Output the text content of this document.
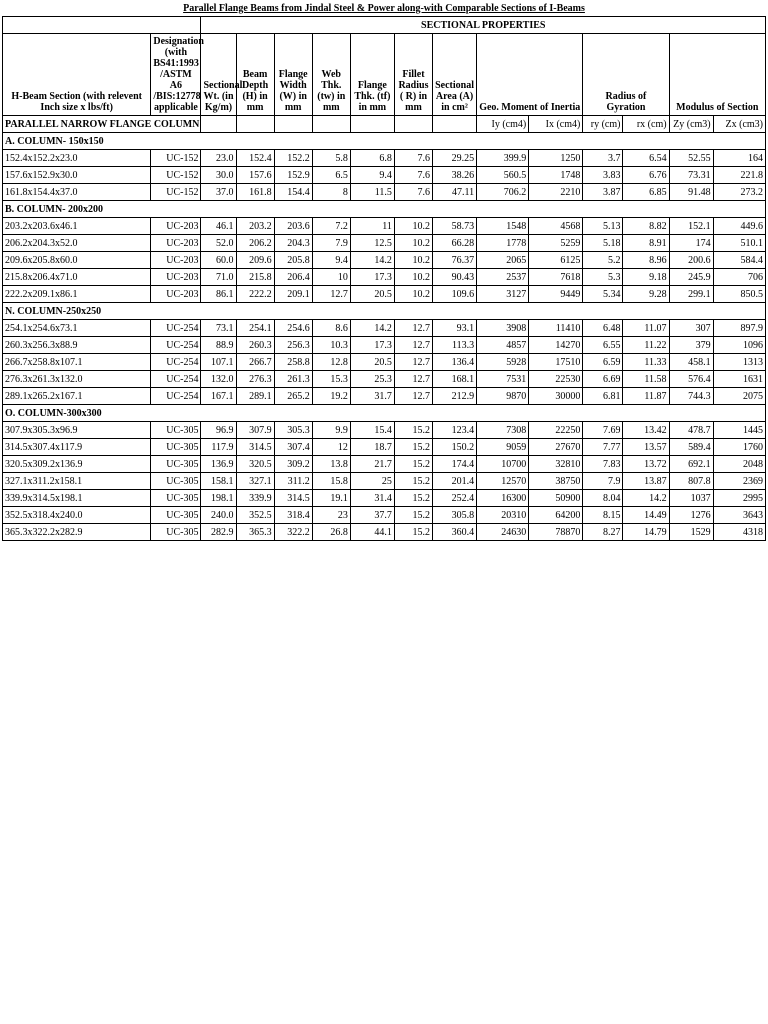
Parallel Flange Beams from Jindal Steel & Power along-with Comparable Sections of I-Beams														
		SECTIONAL PROPERTIES												
H-Beam Section (with relevent Inch size x lbs/ft)	Designation (with BS41:1993 /ASTM A6 /BIS:12778 applicable	Sectional Wt. (in Kg/m)	Beam Depth (H) in mm	Flange Width (W) in mm	Web Thk. (tw) in mm	Flange Thk. (tf) in mm	Fillet Radius ( R) in mm	Sectional Area (A) in cm²	Geo. Moment of Inertia		Radius of Gyration		Modulus of Section	
PARALLEL NARROW FLANGE COLUMN									Iy (cm4)	Ix (cm4)	ry (cm)	rx (cm)	Zy (cm3)	Zx (cm3)
A. COLUMN- 150x150														
152.4x152.2x23.0	UC-152	23.0	152.4	152.2	5.8	6.8	7.6	29.25	399.9	1250	3.7	6.54	52.55	164
157.6x152.9x30.0	UC-152	30.0	157.6	152.9	6.5	9.4	7.6	38.26	560.5	1748	3.83	6.76	73.31	221.8
161.8x154.4x37.0	UC-152	37.0	161.8	154.4	8	11.5	7.6	47.11	706.2	2210	3.87	6.85	91.48	273.2
B. COLUMN- 200x200														
203.2x203.6x46.1	UC-203	46.1	203.2	203.6	7.2	11	10.2	58.73	1548	4568	5.13	8.82	152.1	449.6
206.2x204.3x52.0	UC-203	52.0	206.2	204.3	7.9	12.5	10.2	66.28	1778	5259	5.18	8.91	174	510.1
209.6x205.8x60.0	UC-203	60.0	209.6	205.8	9.4	14.2	10.2	76.37	2065	6125	5.2	8.96	200.6	584.4
215.8x206.4x71.0	UC-203	71.0	215.8	206.4	10	17.3	10.2	90.43	2537	7618	5.3	9.18	245.9	706
222.2x209.1x86.1	UC-203	86.1	222.2	209.1	12.7	20.5	10.2	109.6	3127	9449	5.34	9.28	299.1	850.5
N. COLUMN-250x250														
254.1x254.6x73.1	UC-254	73.1	254.1	254.6	8.6	14.2	12.7	93.1	3908	11410	6.48	11.07	307	897.9
260.3x256.3x88.9	UC-254	88.9	260.3	256.3	10.3	17.3	12.7	113.3	4857	14270	6.55	11.22	379	1096
266.7x258.8x107.1	UC-254	107.1	266.7	258.8	12.8	20.5	12.7	136.4	5928	17510	6.59	11.33	458.1	1313
276.3x261.3x132.0	UC-254	132.0	276.3	261.3	15.3	25.3	12.7	168.1	7531	22530	6.69	11.58	576.4	1631
289.1x265.2x167.1	UC-254	167.1	289.1	265.2	19.2	31.7	12.7	212.9	9870	30000	6.81	11.87	744.3	2075
O. COLUMN-300x300														
307.9x305.3x96.9	UC-305	96.9	307.9	305.3	9.9	15.4	15.2	123.4	7308	22250	7.69	13.42	478.7	1445
314.5x307.4x117.9	UC-305	117.9	314.5	307.4	12	18.7	15.2	150.2	9059	27670	7.77	13.57	589.4	1760
320.5x309.2x136.9	UC-305	136.9	320.5	309.2	13.8	21.7	15.2	174.4	10700	32810	7.83	13.72	692.1	2048
327.1x311.2x158.1	UC-305	158.1	327.1	311.2	15.8	25	15.2	201.4	12570	38750	7.9	13.87	807.8	2369
339.9x314.5x198.1	UC-305	198.1	339.9	314.5	19.1	31.4	15.2	252.4	16300	50900	8.04	14.2	1037	2995
352.5x318.4x240.0	UC-305	240.0	352.5	318.4	23	37.7	15.2	305.8	20310	64200	8.15	14.49	1276	3643
365.3x322.2x282.9	UC-305	282.9	365.3	322.2	26.8	44.1	15.2	360.4	24630	78870	8.27	14.79	1529	4318
